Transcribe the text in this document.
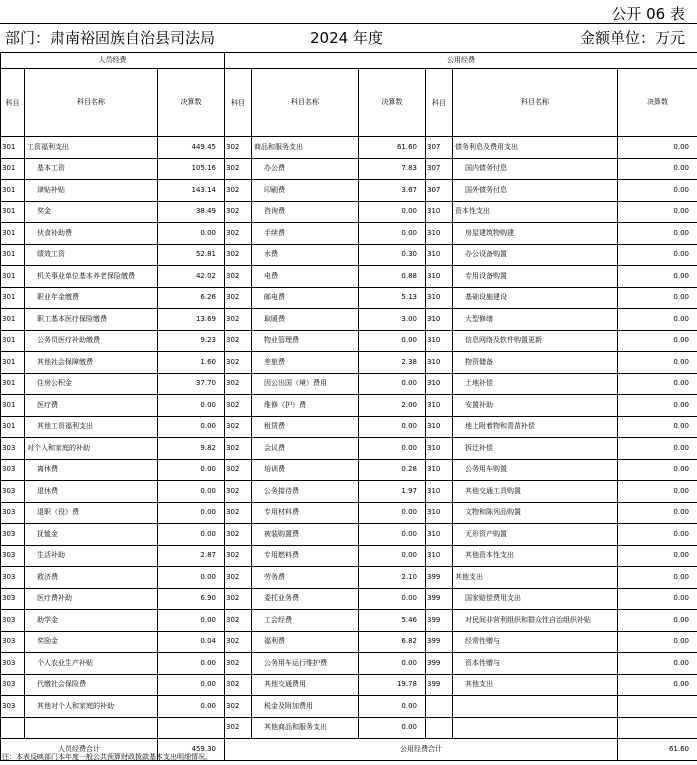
公开 06 表
部门：肃南裕固族自治县司法局	2024 年度	金额单位：万元
人员经费			公用经费					
科目	科目名称	决算数	科目	科目名称	决算数	科目	科目名称	决算数
301	工资福利支出	449.45	302	商品和服务支出	61.60	307	债务利息及费用支出	0.00
301	基本工资	105.16	302	办公费	7.83	307	国内债务付息	0.00
301	津贴补贴	143.14	302	印刷费	3.67	307	国外债务付息	0.00
301	奖金	38.49	302	咨询费	0.00	310	资本性支出	0.00
301	伙食补助费	0.00	302	手续费	0.00	310	房屋建筑物购建	0.00
301	绩效工资	52.81	302	水费	0.30	310	办公设备购置	0.00
301	机关事业单位基本养老保险缴费	42.02	302	电费	0.88	310	专用设备购置	0.00
301	职业年金缴费	6.26	302	邮电费	5.13	310	基础设施建设	0.00
301	职工基本医疗保险缴费	13.69	302	取暖费	3.00	310	大型修缮	0.00
301	公务员医疗补助缴费	9.23	302	物业管理费	0.00	310	信息网络及软件购置更新	0.00
301	其他社会保障缴费	1.60	302	差旅费	2.38	310	物资储备	0.00
301	住房公积金	37.70	302	因公出国（境）费用	0.00	310	土地补偿	0.00
301	医疗费	0.00	302	维修（护）费	2.00	310	安置补助	0.00
301	其他工资福利支出	0.00	302	租赁费	0.00	310	地上附着物和青苗补偿	0.00
303	对个人和家庭的补助	9.82	302	会议费	0.00	310	拆迁补偿	0.00
303	离休费	0.00	302	培训费	0.28	310	公务用车购置	0.00
303	退休费	0.00	302	公务接待费	1.97	310	其他交通工具购置	0.00
303	退职（役）费	0.00	302	专用材料费	0.00	310	文物和陈列品购置	0.00
303	抚恤金	0.00	302	被装购置费	0.00	310	无形资产购置	0.00
303	生活补助	2.87	302	专用燃料费	0.00	310	其他资本性支出	0.00
303	救济费	0.00	302	劳务费	2.10	399	其他支出	0.00
303	医疗费补助	6.90	302	委托业务费	0.00	399	国家赔偿费用支出	0.00
303	助学金	0.00	302	工会经费	5.46	399	对民间非营利组织和群众性自治组织补贴	0.00
303	奖励金	0.04	302	福利费	6.82	399	经常性赠与	0.00
303	个人农业生产补贴	0.00	302	公务用车运行维护费	0.00	399	资本性赠与	0.00
303	代缴社会保险费	0.00	302	其他交通费用	19.78	399	其他支出	0.00
303	其他对个人和家庭的补助	0.00	302	税金及附加费用	0.00			
			302	其他商品和服务支出	0.00			
人员经费合计		459.30	公用经费合计					61.60
注：本表反映部门本年度一般公共预算财政拨款基本支出明细情况。
